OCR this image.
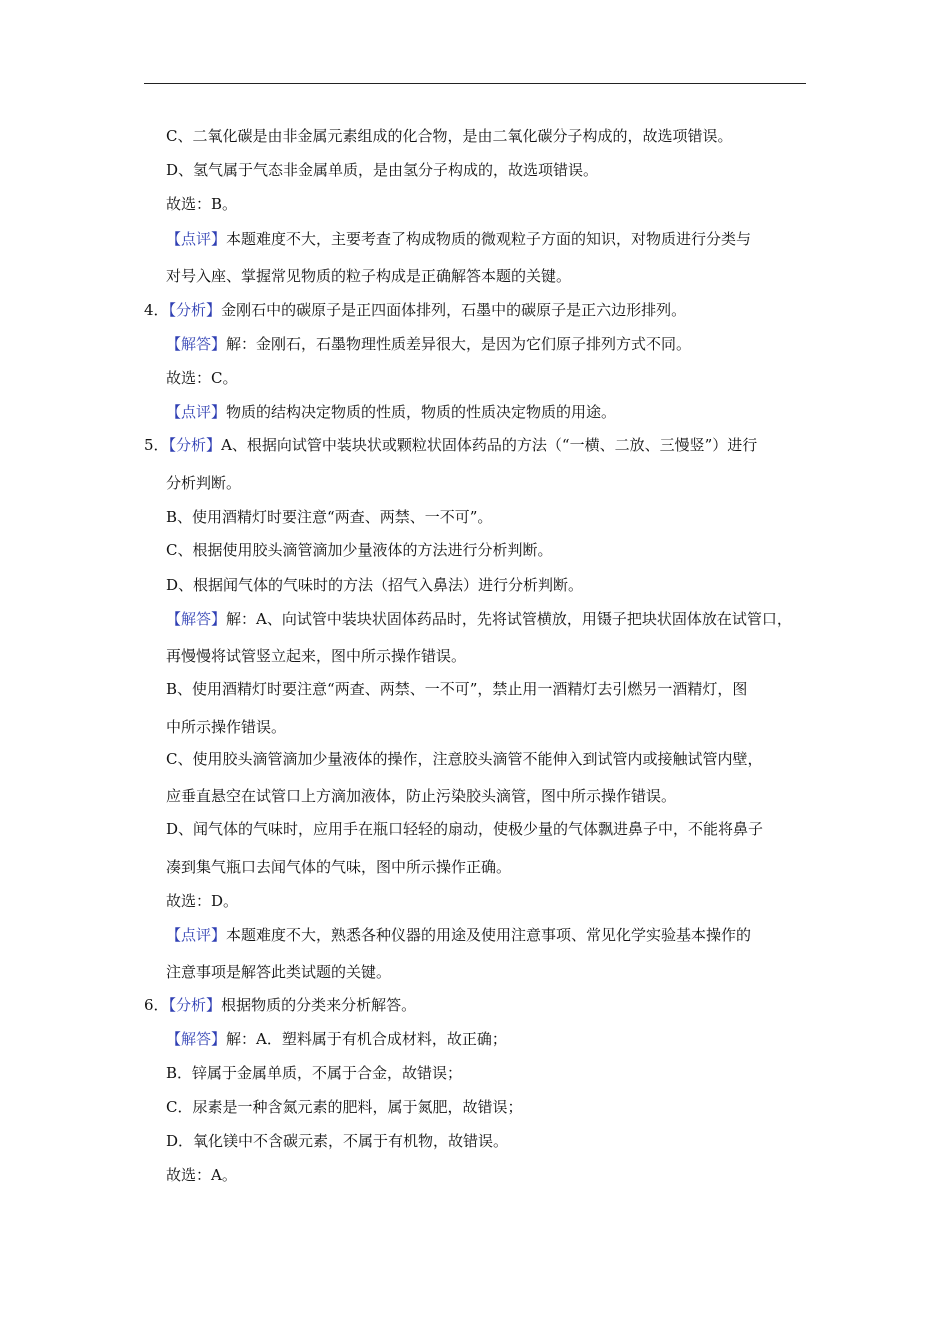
C、二氧化碳是由非金属元素组成的化合物，是由二氧化碳分子构成的，故选项错误。
D、氢气属于气态非金属单质，是由氢分子构成的，故选项错误。
故选：B。
【点评】本题难度不大，主要考查了构成物质的微观粒子方面的知识，对物质进行分类与
对号入座、掌握常见物质的粒子构成是正确解答本题的关键。
4．【分析】金刚石中的碳原子是正四面体排列，石墨中的碳原子是正六边形排列。
【解答】解：金刚石，石墨物理性质差异很大，是因为它们原子排列方式不同。
故选：C。
【点评】物质的结构决定物质的性质，物质的性质决定物质的用途。
5．【分析】A、根据向试管中装块状或颗粒状固体药品的方法（“一横、二放、三慢竖”）进行
分析判断。
B、使用酒精灯时要注意“两查、两禁、一不可”。
C、根据使用胶头滴管滴加少量液体的方法进行分析判断。
D、根据闻气体的气味时的方法（招气入鼻法）进行分析判断。
【解答】解：A、向试管中装块状固体药品时，先将试管横放，用镊子把块状固体放在试管口，
再慢慢将试管竖立起来，图中所示操作错误。
B、使用酒精灯时要注意“两查、两禁、一不可”，禁止用一酒精灯去引燃另一酒精灯，图
中所示操作错误。
C、使用胶头滴管滴加少量液体的操作，注意胶头滴管不能伸入到试管内或接触试管内壁，
应垂直悬空在试管口上方滴加液体，防止污染胶头滴管，图中所示操作错误。
D、闻气体的气味时，应用手在瓶口轻轻的扇动，使极少量的气体飘进鼻子中，不能将鼻子
凑到集气瓶口去闻气体的气味，图中所示操作正确。
故选：D。
【点评】本题难度不大，熟悉各种仪器的用途及使用注意事项、常见化学实验基本操作的
注意事项是解答此类试题的关键。
6．【分析】根据物质的分类来分析解答。
【解答】解：A．塑料属于有机合成材料，故正确；
B．锌属于金属单质，不属于合金，故错误；
C．尿素是一种含氮元素的肥料，属于氮肥，故错误；
D．氧化镁中不含碳元素，不属于有机物，故错误。
故选：A。
